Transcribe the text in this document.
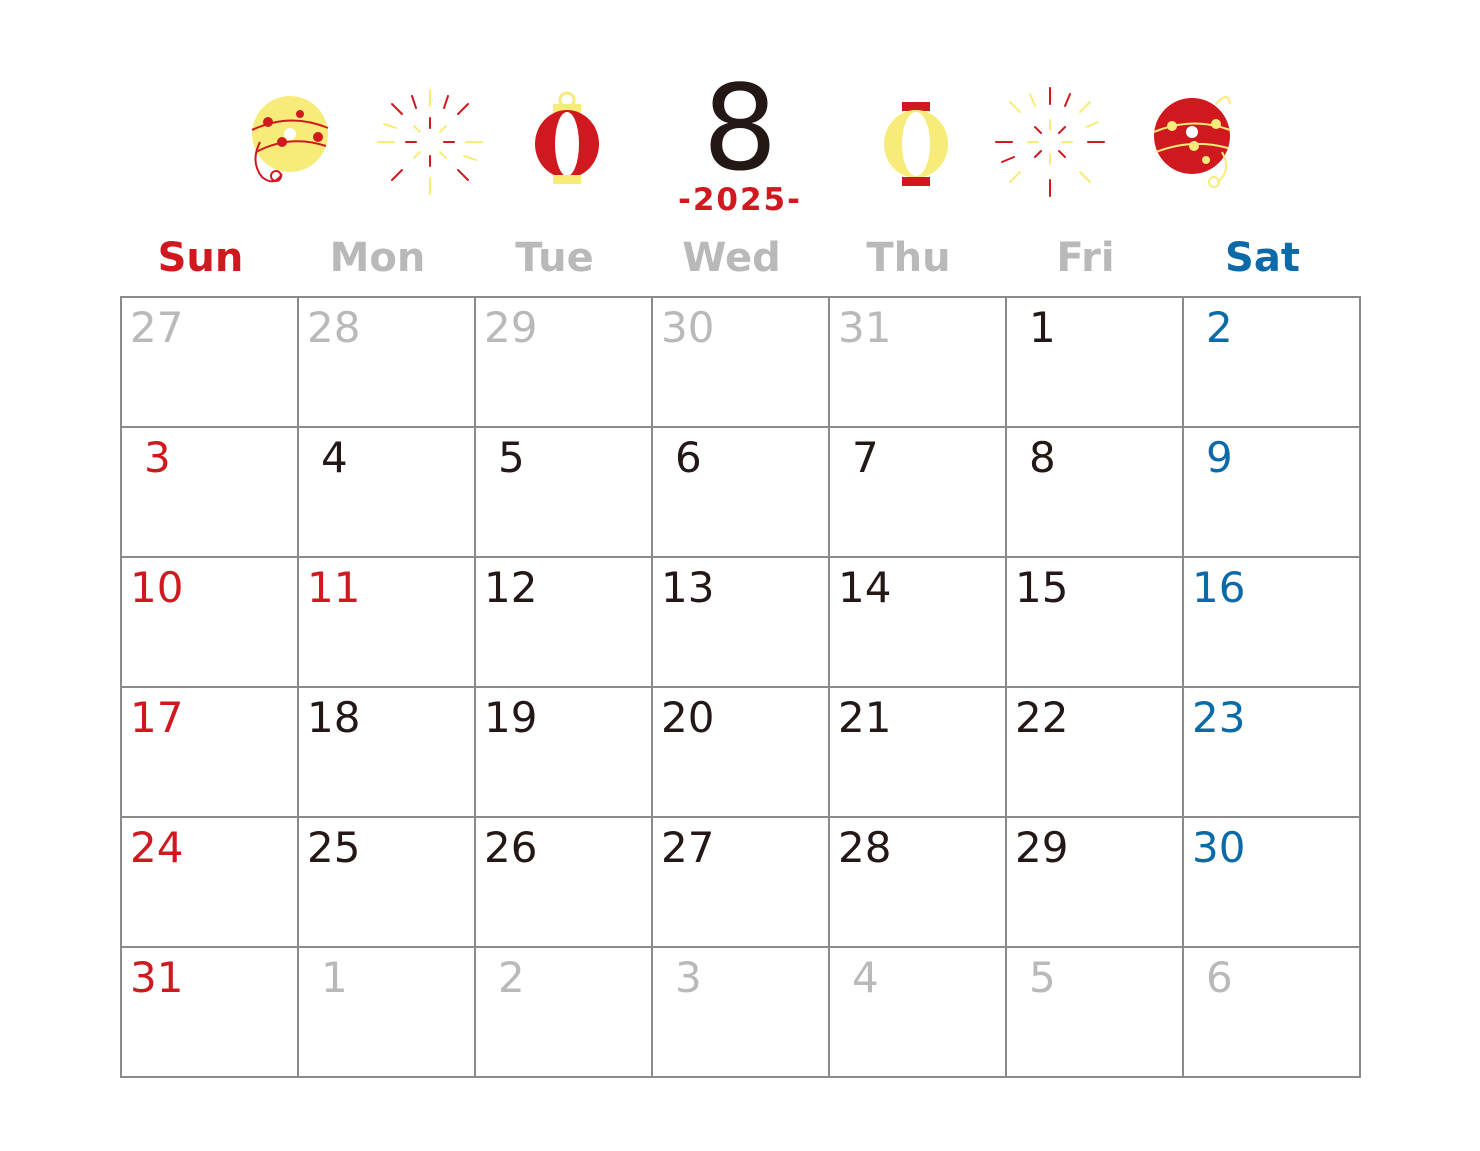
8
-2025-
Sun	Mon	Tue	Wed	Thu	Fri	Sat
27	28	29	30	31	1	2

3	4	5	6	7	8	9

10	11	12	13	14	15	16

17	18	19	20	21	22	23

24	25	26	27	28	29	30

31	1	2	3	4	5	6
